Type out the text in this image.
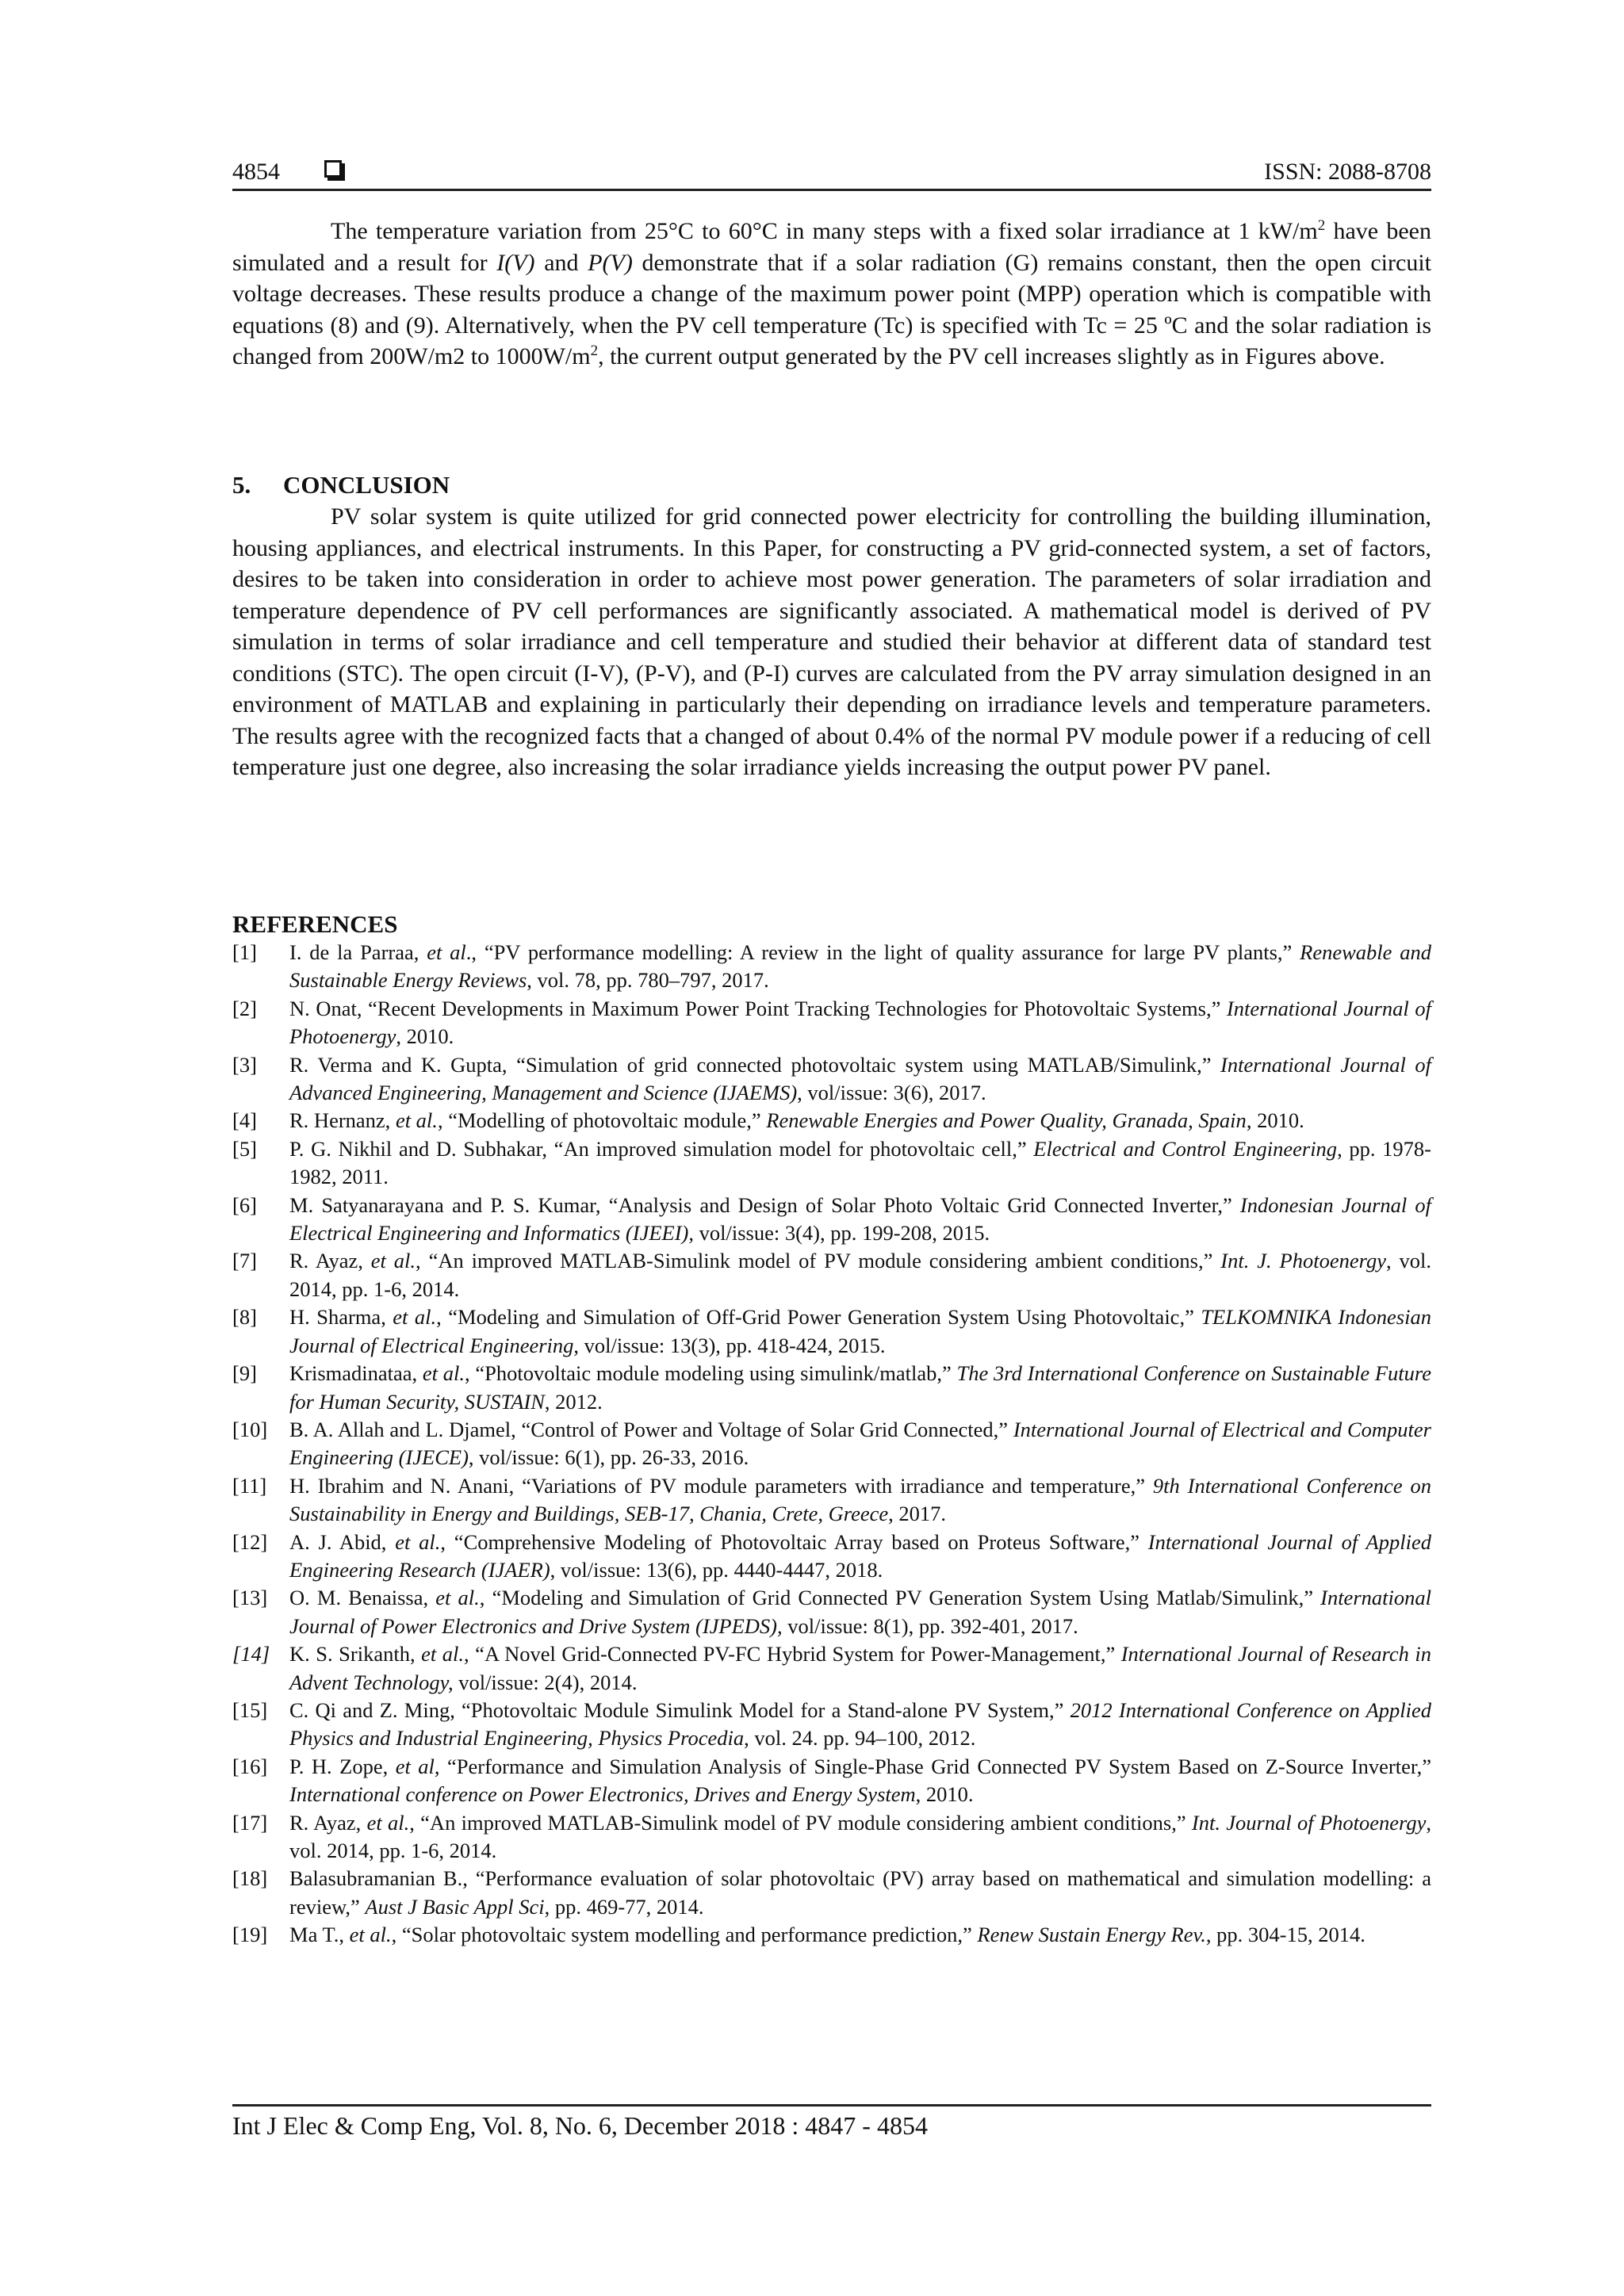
4854	ISSN: 2088-8708

The temperature variation from 25°C to 60°C in many steps with a fixed solar irradiance at 1 $kW/m^2$ have been simulated and a result for I(V) and P(V) demonstrate that if a solar radiation (G) remains constant, then the open circuit voltage decreases. These results produce a change of the maximum power point (MPP) operation which is compatible with equations (8) and (9). Alternatively, when the PV cell temperature (Tc) is specified with Tc = 25 ºC and the solar radiation is changed from 200W/m2 to $1000W/m^2$, the current output generated by the PV cell increases slightly as in Figures above.

5. CONCLUSION

PV solar system is quite utilized for grid connected power electricity for controlling the building illumination, housing appliances, and electrical instruments. In this Paper, for constructing a PV grid-connected system, a set of factors, desires to be taken into consideration in order to achieve most power generation. The parameters of solar irradiation and temperature dependence of PV cell performances are significantly associated. A mathematical model is derived of PV simulation in terms of solar irradiance and cell temperature and studied their behavior at different data of standard test conditions (STC). The open circuit (I-V), (P-V), and (P-I) curves are calculated from the PV array simulation designed in an environment of MATLAB and explaining in particularly their depending on irradiance levels and temperature parameters. The results agree with the recognized facts that a changed of about 0.4% of the normal PV module power if a reducing of cell temperature just one degree, also increasing the solar irradiance yields increasing the output power PV panel.

REFERENCES
[1] I. de la Parraa, et al., “PV performance modelling: A review in the light of quality assurance for large PV plants,” Renewable and Sustainable Energy Reviews, vol. 78, pp. 780–797, 2017.
[2] N. Onat, “Recent Developments in Maximum Power Point Tracking Technologies for Photovoltaic Systems,” International Journal of Photoenergy, 2010.
[3] R. Verma and K. Gupta, “Simulation of grid connected photovoltaic system using MATLAB/Simulink,” International Journal of Advanced Engineering, Management and Science (IJAEMS), vol/issue: 3(6), 2017.
[4] R. Hernanz, et al., “Modelling of photovoltaic module,” Renewable Energies and Power Quality, Granada, Spain, 2010.
[5] P. G. Nikhil and D. Subhakar, “An improved simulation model for photovoltaic cell,” Electrical and Control Engineering, pp. 1978-1982, 2011.
[6] M. Satyanarayana and P. S. Kumar, “Analysis and Design of Solar Photo Voltaic Grid Connected Inverter,” Indonesian Journal of Electrical Engineering and Informatics (IJEEI), vol/issue: 3(4), pp. 199-208, 2015.
[7] R. Ayaz, et al., “An improved MATLAB-Simulink model of PV module considering ambient conditions,” Int. J. Photoenergy, vol. 2014, pp. 1-6, 2014.
[8] H. Sharma, et al., “Modeling and Simulation of Off-Grid Power Generation System Using Photovoltaic,” TELKOMNIKA Indonesian Journal of Electrical Engineering, vol/issue: 13(3), pp. 418-424, 2015.
[9] Krismadinataa, et al., “Photovoltaic module modeling using simulink/matlab,” The 3rd International Conference on Sustainable Future for Human Security, SUSTAIN, 2012.
[10] B. A. Allah and L. Djamel, “Control of Power and Voltage of Solar Grid Connected,” International Journal of Electrical and Computer Engineering (IJECE), vol/issue: 6(1), pp. 26-33, 2016.
[11] H. Ibrahim and N. Anani, “Variations of PV module parameters with irradiance and temperature,” 9th International Conference on Sustainability in Energy and Buildings, SEB-17, Chania, Crete, Greece, 2017.
[12] A. J. Abid, et al., “Comprehensive Modeling of Photovoltaic Array based on Proteus Software,” International Journal of Applied Engineering Research (IJAER), vol/issue: 13(6), pp. 4440-4447, 2018.
[13] O. M. Benaissa, et al., “Modeling and Simulation of Grid Connected PV Generation System Using Matlab/Simulink,” International Journal of Power Electronics and Drive System (IJPEDS), vol/issue: 8(1), pp. 392-401, 2017.
[14] K. S. Srikanth, et al., “A Novel Grid-Connected PV-FC Hybrid System for Power-Management,” International Journal of Research in Advent Technology, vol/issue: 2(4), 2014.
[15] C. Qi and Z. Ming, “Photovoltaic Module Simulink Model for a Stand-alone PV System,” 2012 International Conference on Applied Physics and Industrial Engineering, Physics Procedia, vol. 24. pp. 94–100, 2012.
[16] P. H. Zope, et al, “Performance and Simulation Analysis of Single-Phase Grid Connected PV System Based on Z-Source Inverter,” International conference on Power Electronics, Drives and Energy System, 2010.
[17] R. Ayaz, et al., “An improved MATLAB-Simulink model of PV module considering ambient conditions,” Int. Journal of Photoenergy, vol. 2014, pp. 1-6, 2014.
[18] Balasubramanian B., “Performance evaluation of solar photovoltaic (PV) array based on mathematical and simulation modelling: a review,” Aust J Basic Appl Sci, pp. 469-77, 2014.
[19] Ma T., et al., “Solar photovoltaic system modelling and performance prediction,” Renew Sustain Energy Rev., pp. 304-15, 2014.
Int J Elec & Comp Eng, Vol. 8, No. 6, December 2018 : 4847 - 4854
